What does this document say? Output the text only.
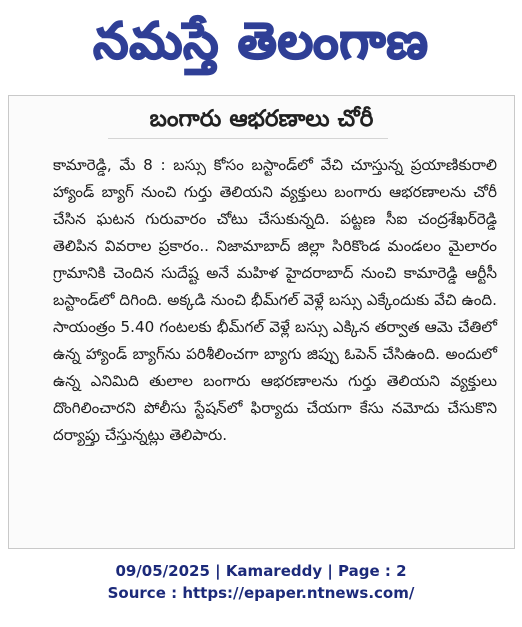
నమస్తే తెలంగాణ
బంగారు ఆభరణాలు చోరీ
కామారెడ్డి, మే 8 : బస్సు కోసం బస్టాండ్‌లో వేచి చూస్తున్న ప్రయాణికురాలి హ్యాండ్ బ్యాగ్ నుంచి గుర్తు తెలియని వ్యక్తులు బంగారు ఆభరణాలను చోరీ చేసిన ఘటన గురువారం చోటు చేసుకున్నది. పట్టణ సీఐ చంద్రశేఖర్‌రెడ్డి తెలిపిన వివరాల ప్రకారం.. నిజామాబాద్ జిల్లా సిరికొండ మండలం మైలారం గ్రామానికి చెందిన సుదేష్ట అనే మహిళ హైదరాబాద్ నుంచి కామారెడ్డి ఆర్టీసీ బస్టాండ్‌లో దిగింది. అక్కడి నుంచి భీమ్‌గల్ వెళ్లే బస్సు ఎక్కేందుకు వేచి ఉంది. సాయంత్రం 5.40 గంటలకు భీమ్‌గల్ వెళ్లే బస్సు ఎక్కిన తర్వాత ఆమె చేతిలో ఉన్న హ్యాండ్ బ్యాగ్‌ను పరిశీలించగా బ్యాగు జిప్పు ఓపెన్ చేసిఉంది. అందులో ఉన్న ఎనిమిది తులాల బంగారు ఆభరణాలను గుర్తు తెలియని వ్యక్తులు దొంగిలించారని పోలీసు స్టేషన్‌లో ఫిర్యాదు చేయగా కేసు నమోదు చేసుకొని దర్యాప్తు చేస్తున్నట్లు తెలిపారు.
09/05/2025 | Kamareddy | Page : 2
Source : https://epaper.ntnews.com/
